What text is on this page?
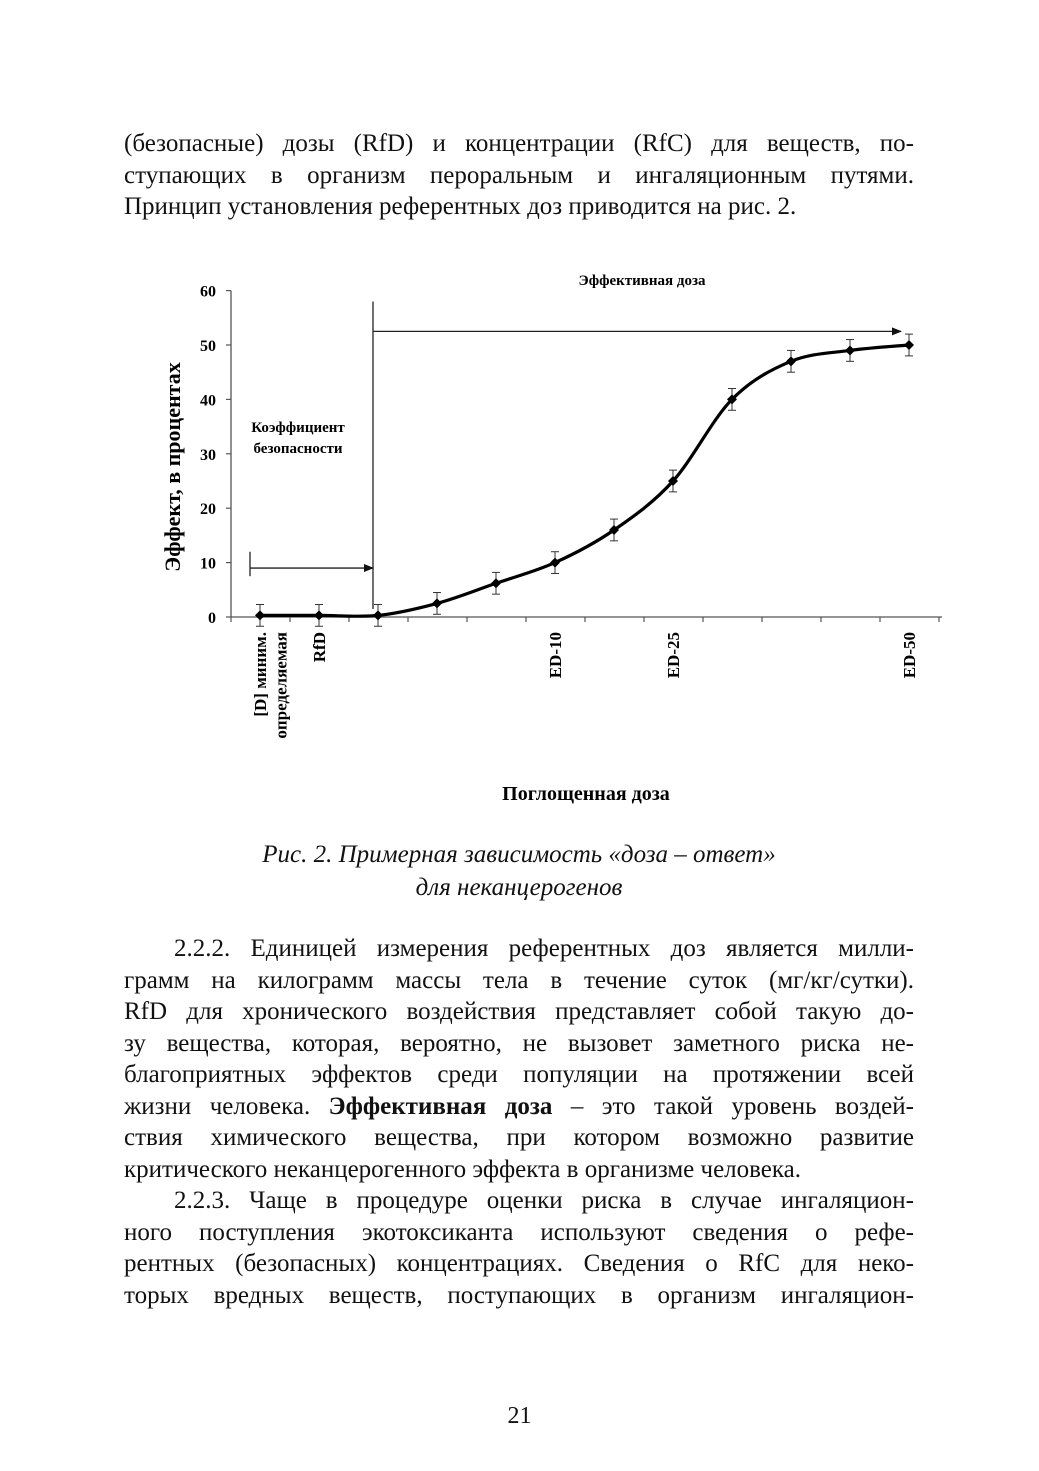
(безопасные) дозы (RfD) и концентрации (RfC) для веществ, по-
ступающих в организм пероральным и ингаляционным путями.
Принцип установления референтных доз приводится на рис. 2.
0
10
20
30
40
50
60
Эффективная доза
Коэффициент
безопасности
Эффект, в процентах
Поглощенная доза
[D] миним. определяемая RfD	ED-10	ED-25	ED-50
Рис. 2. Примерная зависимость «доза – ответ»
для неканцерогенов
2.2.2. Единицей измерения референтных доз является милли-
грамм на килограмм массы тела в течение суток (мг/кг/сутки).
RfD для хронического воздействия представляет собой такую до-
зу вещества, которая, вероятно, не вызовет заметного риска не-
благоприятных эффектов среди популяции на протяжении всей
жизни человека. Эффективная доза – это такой уровень воздей-
ствия химического вещества, при котором возможно развитие
критического неканцерогенного эффекта в организме человека.
2.2.3. Чаще в процедуре оценки риска в случае ингаляцион-
ного поступления экотоксиканта используют сведения о рефе-
рентных (безопасных) концентрациях. Сведения о RfC для неко-
торых вредных веществ, поступающих в организм ингаляцион-
21
